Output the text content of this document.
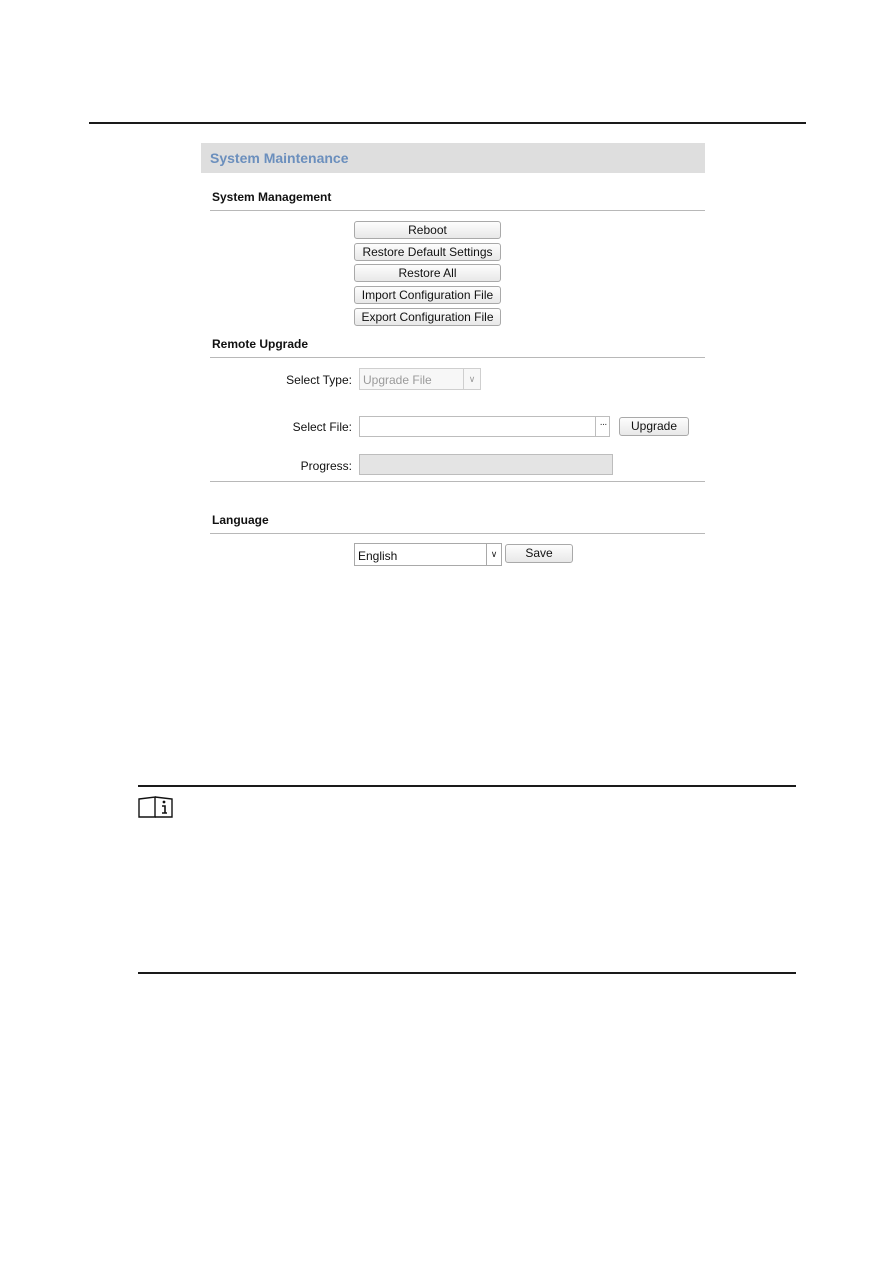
System Maintenance
System Management
Reboot
Restore Default Settings
Restore All
Import Configuration File
Export Configuration File
Remote Upgrade
Select Type: Upgrade File	∨
Select File:	···	Upgrade
Progress:
Language
English	∨	Save
